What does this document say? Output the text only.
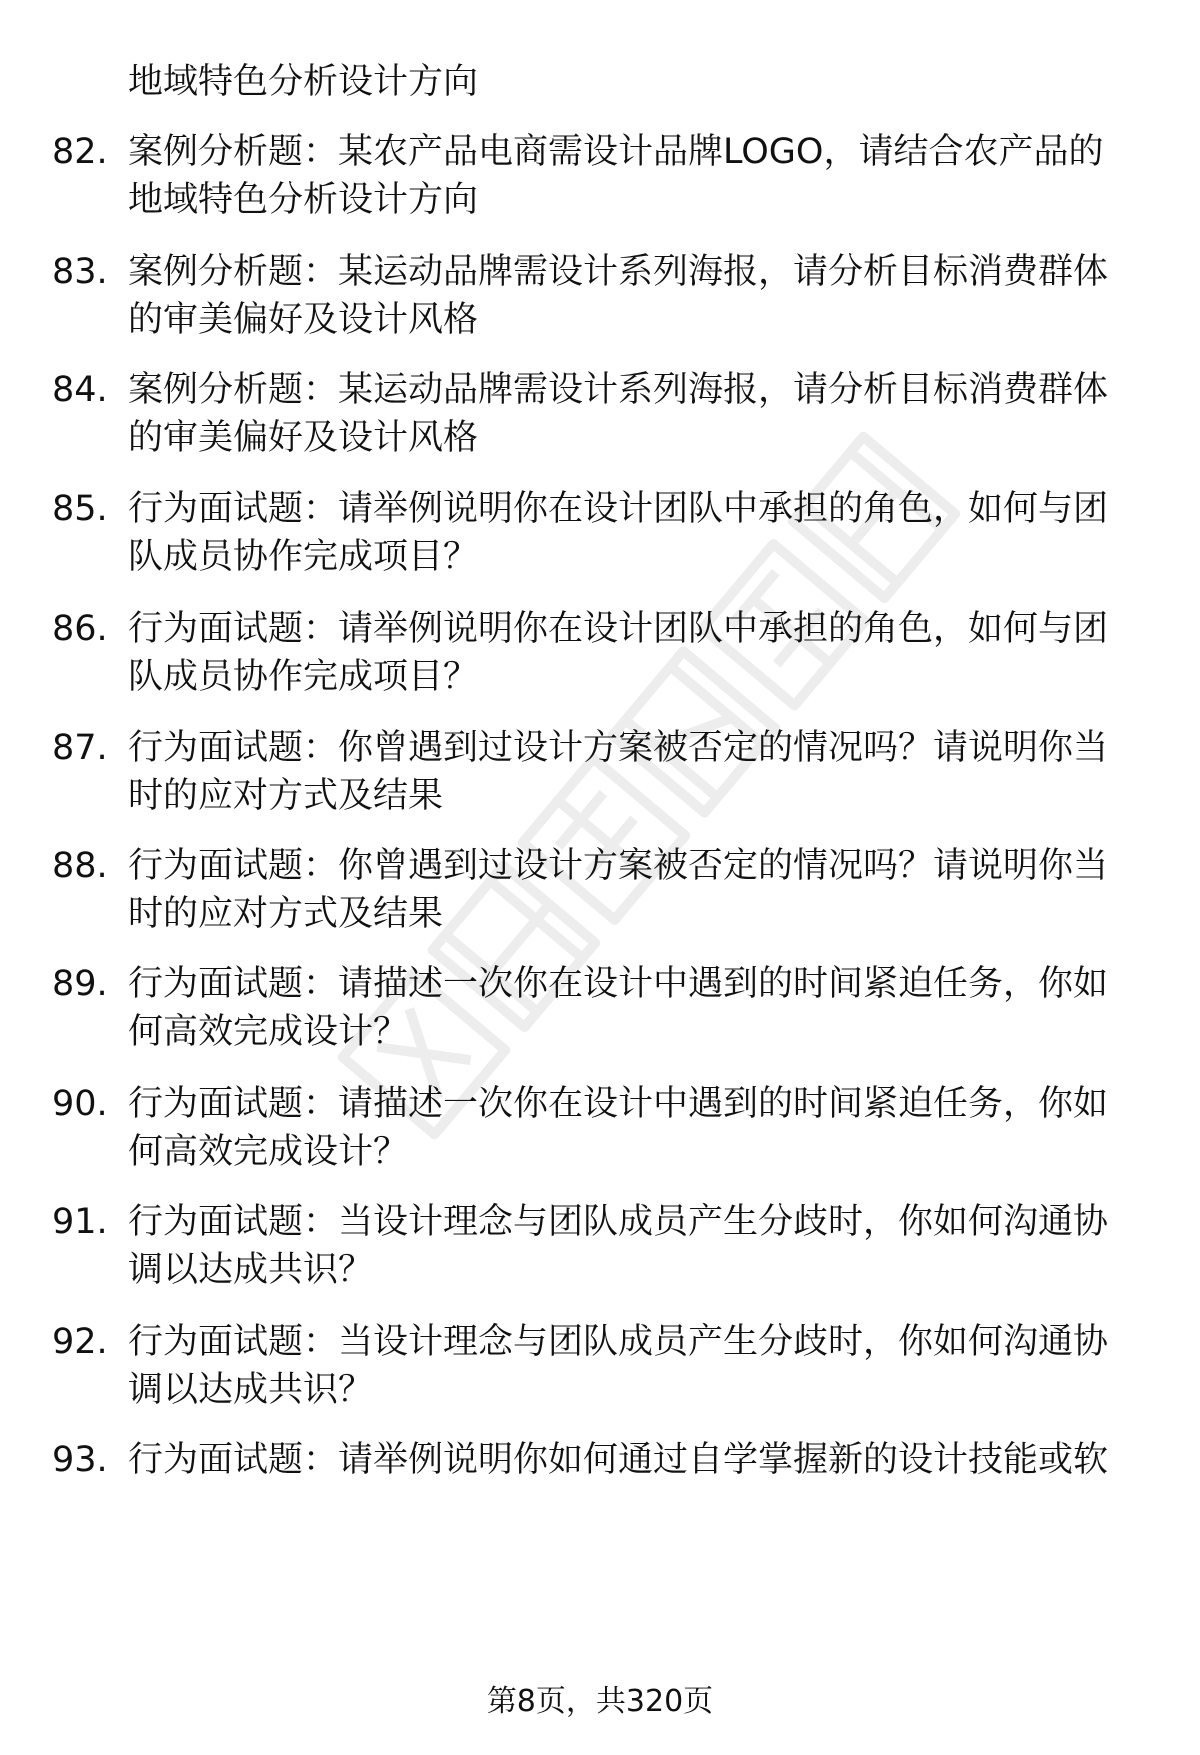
地域特色分析设计方向
82. 案例分析题：某农产品电商需设计品牌LOGO，请结合农产品的
地域特色分析设计方向
83. 案例分析题：某运动品牌需设计系列海报，请分析目标消费群体
的审美偏好及设计风格
84. 案例分析题：某运动品牌需设计系列海报，请分析目标消费群体
的审美偏好及设计风格
85. 行为面试题：请举例说明你在设计团队中承担的角色，如何与团
队成员协作完成项目？
86. 行为面试题：请举例说明你在设计团队中承担的角色，如何与团
队成员协作完成项目？
87. 行为面试题：你曾遇到过设计方案被否定的情况吗？请说明你当
时的应对方式及结果
88. 行为面试题：你曾遇到过设计方案被否定的情况吗？请说明你当
时的应对方式及结果
89. 行为面试题：请描述一次你在设计中遇到的时间紧迫任务，你如
何高效完成设计？
90. 行为面试题：请描述一次你在设计中遇到的时间紧迫任务，你如
何高效完成设计？
91. 行为面试题：当设计理念与团队成员产生分歧时，你如何沟通协
调以达成共识？
92. 行为面试题：当设计理念与团队成员产生分歧时，你如何沟通协
调以达成共识？
93. 行为面试题：请举例说明你如何通过自学掌握新的设计技能或软
第8页，共320页
